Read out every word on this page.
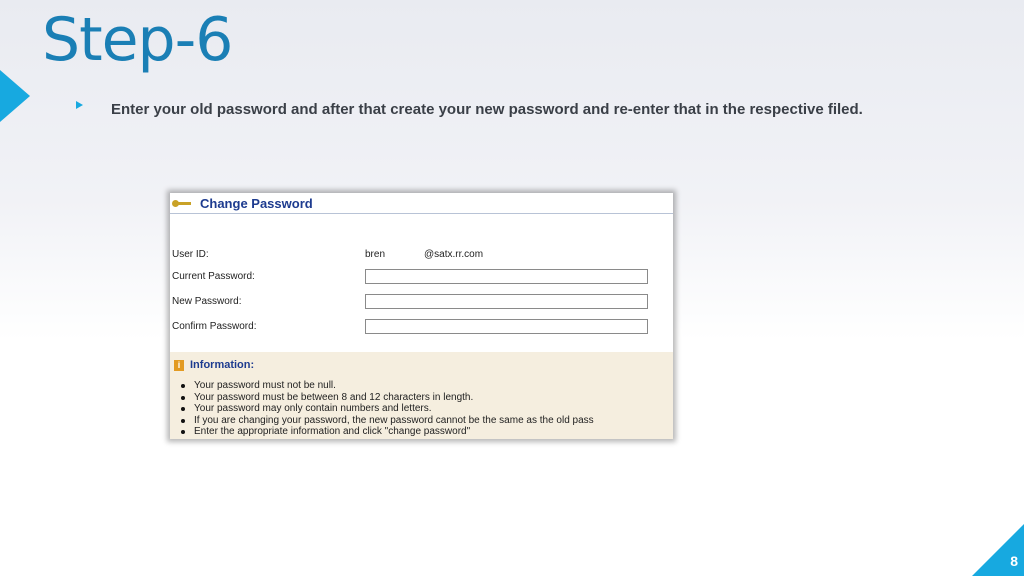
Step-6
Enter your old password and after that create your new password and re-enter that in the respective filed.
Change Password
User ID:	bren	@satx.rr.com
Current Password:
New Password:
Confirm Password:
i Information:
Your password must not be null.
Your password must be between 8 and 12 characters in length.
Your password may only contain numbers and letters.
If you are changing your password, the new password cannot be the same as the old pass
Enter the appropriate information and click "change password"
8
